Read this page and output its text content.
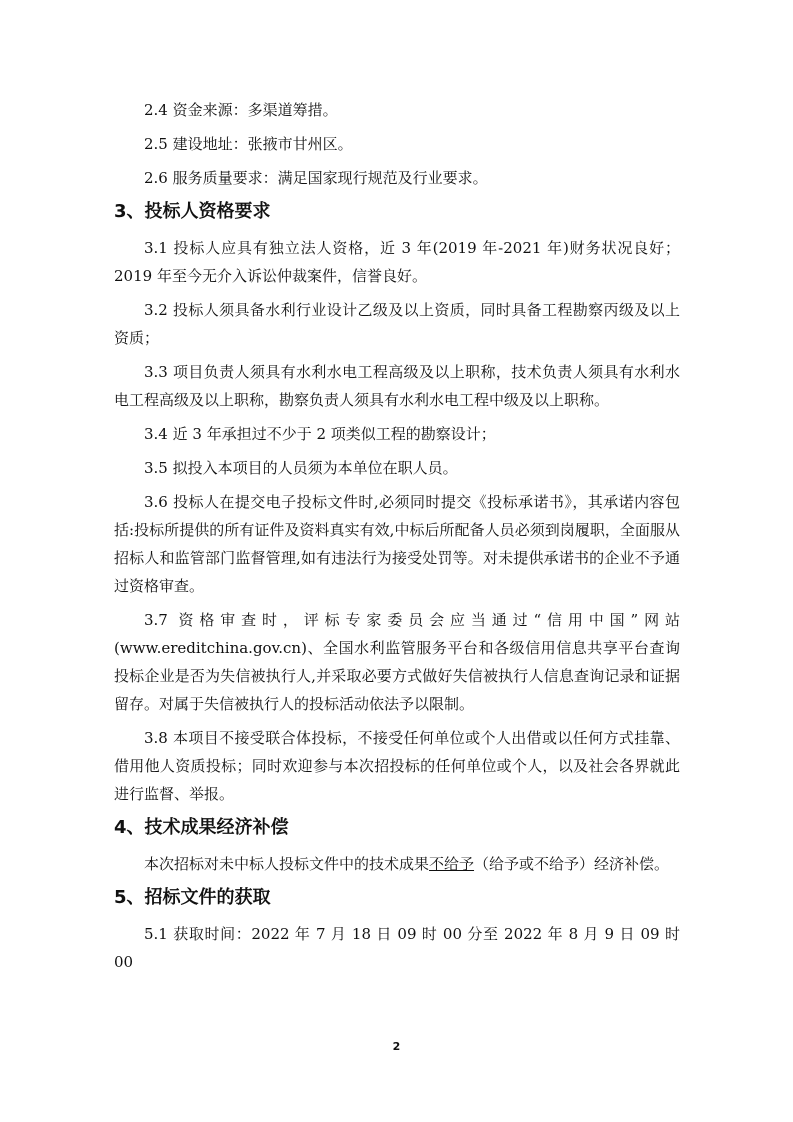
2.4 资金来源：多渠道筹措。

2.5 建设地址：张掖市甘州区。

2.6 服务质量要求：满足国家现行规范及行业要求。

3、投标人资格要求

3.1 投标人应具有独立法人资格，近 3 年(2019 年-2021 年)财务状况良好；2019 年至今无介入诉讼仲裁案件，信誉良好。

3.2 投标人须具备水利行业设计乙级及以上资质，同时具备工程勘察丙级及以上资质；

3.3 项目负责人须具有水利水电工程高级及以上职称，技术负责人须具有水利水电工程高级及以上职称，勘察负责人须具有水利水电工程中级及以上职称。

3.4 近 3 年承担过不少于 2 项类似工程的勘察设计；

3.5 拟投入本项目的人员须为本单位在职人员。

3.6 投标人在提交电子投标文件时,必须同时提交《投标承诺书》，其承诺内容包括:投标所提供的所有证件及资料真实有效,中标后所配备人员必须到岗履职，全面服从招标人和监管部门监督管理,如有违法行为接受处罚等。对未提供承诺书的企业不予通过资格审查。

3.7 资格审查时，评标专家委员会应当通过“信用中国”网站(www.ereditchina.gov.cn)、全国水利监管服务平台和各级信用信息共享平台查询投标企业是否为失信被执行人,并采取必要方式做好失信被执行人信息查询记录和证据留存。对属于失信被执行人的投标活动依法予以限制。

3.8 本项目不接受联合体投标，不接受任何单位或个人出借或以任何方式挂靠、借用他人资质投标；同时欢迎参与本次招投标的任何单位或个人，以及社会各界就此进行监督、举报。

4、技术成果经济补偿

本次招标对未中标人投标文件中的技术成果不给予（给予或不给予）经济补偿。

5、招标文件的获取

5.1 获取时间：2022 年 7 月 18 日 09 时 00 分至 2022 年 8 月 9 日 09 时 00

2
